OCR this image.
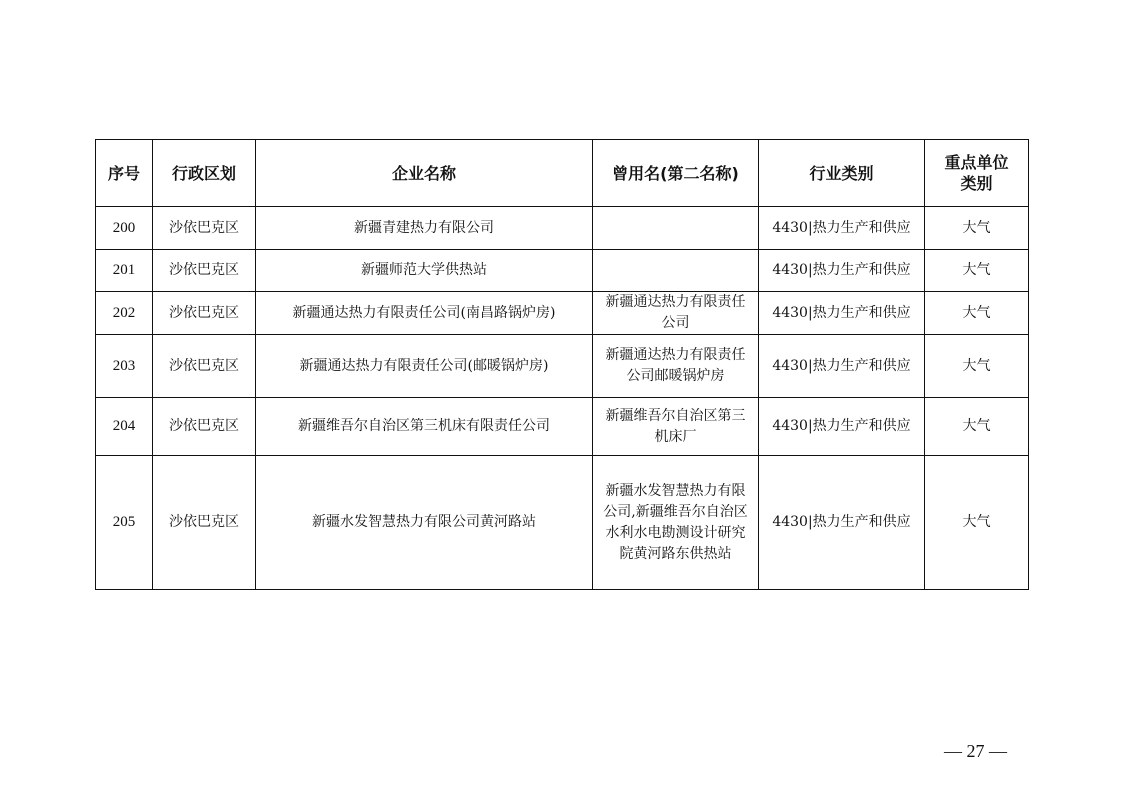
序号	行政区划	企业名称	曾用名(第二名称)	行业类别	重点单位
类别
200	沙依巴克区	新疆青建热力有限公司		4430|热力生产和供应	大气
201	沙依巴克区	新疆师范大学供热站		4430|热力生产和供应	大气
202	沙依巴克区	新疆通达热力有限责任公司(南昌路锅炉房)	新疆通达热力有限责任公司	4430|热力生产和供应	大气
203	沙依巴克区	新疆通达热力有限责任公司(邮暖锅炉房)	新疆通达热力有限责任公司邮暖锅炉房	4430|热力生产和供应	大气
204	沙依巴克区	新疆维吾尔自治区第三机床有限责任公司	新疆维吾尔自治区第三机床厂	4430|热力生产和供应	大气
205	沙依巴克区	新疆水发智慧热力有限公司黄河路站	新疆水发智慧热力有限公司,新疆维吾尔自治区水利水电勘测设计研究院黄河路东供热站	4430|热力生产和供应	大气
— 27 —
